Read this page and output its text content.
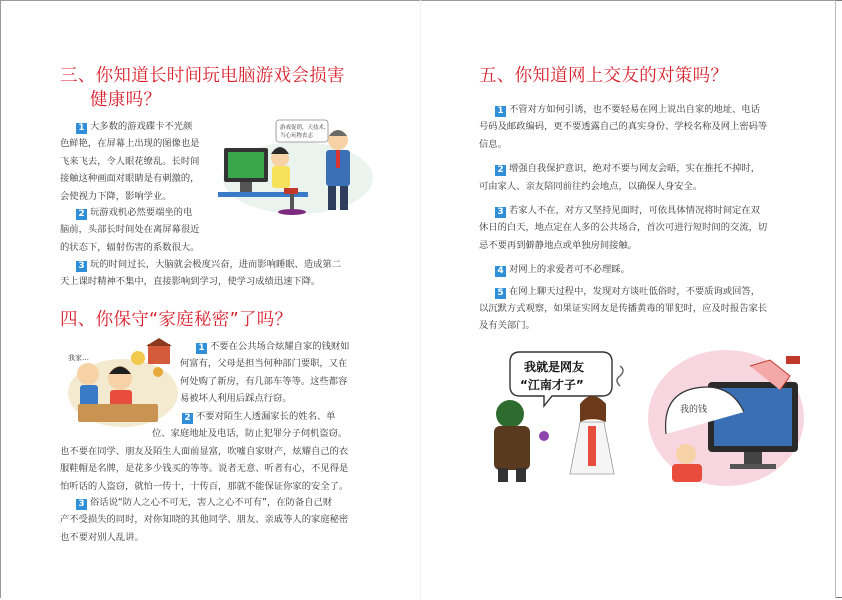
三、你知道长时间玩电脑游戏会损害
健康吗？

1 大多数的游戏碟卡不光颜
色鲜艳，在屏幕上出现的图像也是
飞来飞去，令人眼花缭乱。长时间
接触这种画面对眼睛是有刺激的，
会使视力下降，影响学业。

2 玩游戏机必然要端坐的电
脑前，头部长时间处在离屏幕很近
的状态下，辐射伤害的系数很大。

3 玩的时间过长，大脑就会极度兴奋，进而影响睡眠、造成第二
天上课时精神不集中，直接影响到学习，使学习成绩迅速下降。

游戏促销，天技术，
当心玩物丧志
四、你保守“家庭秘密”了吗？
我家…

1 不要在公共场合炫耀自家的钱财如
何富有，父母是担当何种部门要职，又在
何处购了新房，有几部车等等。这些都容
易被坏人利用后踩点行窃。

2 不要对陌生人透漏家长的姓名、单
位、家庭地址及电话，防止犯罪分子伺机盗窃。
也不要在同学、朋友及陌生人面前显富，吹嘘自家财产，炫耀自己的衣
服鞋帽是名牌，是花多少钱买的等等。说者无意、听者有心，不见得是
怕听话的人盗窃，就怕一传十，十传百，那就不能保证你家的安全了。

3 俗话说“防人之心不可无，害人之心不可有”，在防备自己财
产不受损失的同时，对你知晓的其他同学、朋友、亲戚等人的家庭秘密
也不要对别人乱讲。

五、你知道网上交友的对策吗？

1 不管对方如何引诱，也不要轻易在网上说出自家的地址、电话
号码及邮政编码，更不要透露自己的真实身份、学校名称及网上密码等
信息。

2 增强自我保护意识，绝对不要与网友会晤，实在推托不掉时，
可由家人、亲友陪同前往约会地点，以确保人身安全。

3 若家人不在，对方又坚持见面时，可依具体情况将时间定在双
休日的白天，地点定在人多的公共场合，首次可进行短时间的交流，切
忌不要再到僻静地点或单独房间接触。

4 对网上的求爱者可不必理睬。

5 在网上聊天过程中，发现对方谈吐低俗时，不要质询或回答，
以沉默方式观察，如果证实网友是传播黄毒的罪犯时，应及时报告家长
及有关部门。

我就是网友
“江南才子”
我的钱
